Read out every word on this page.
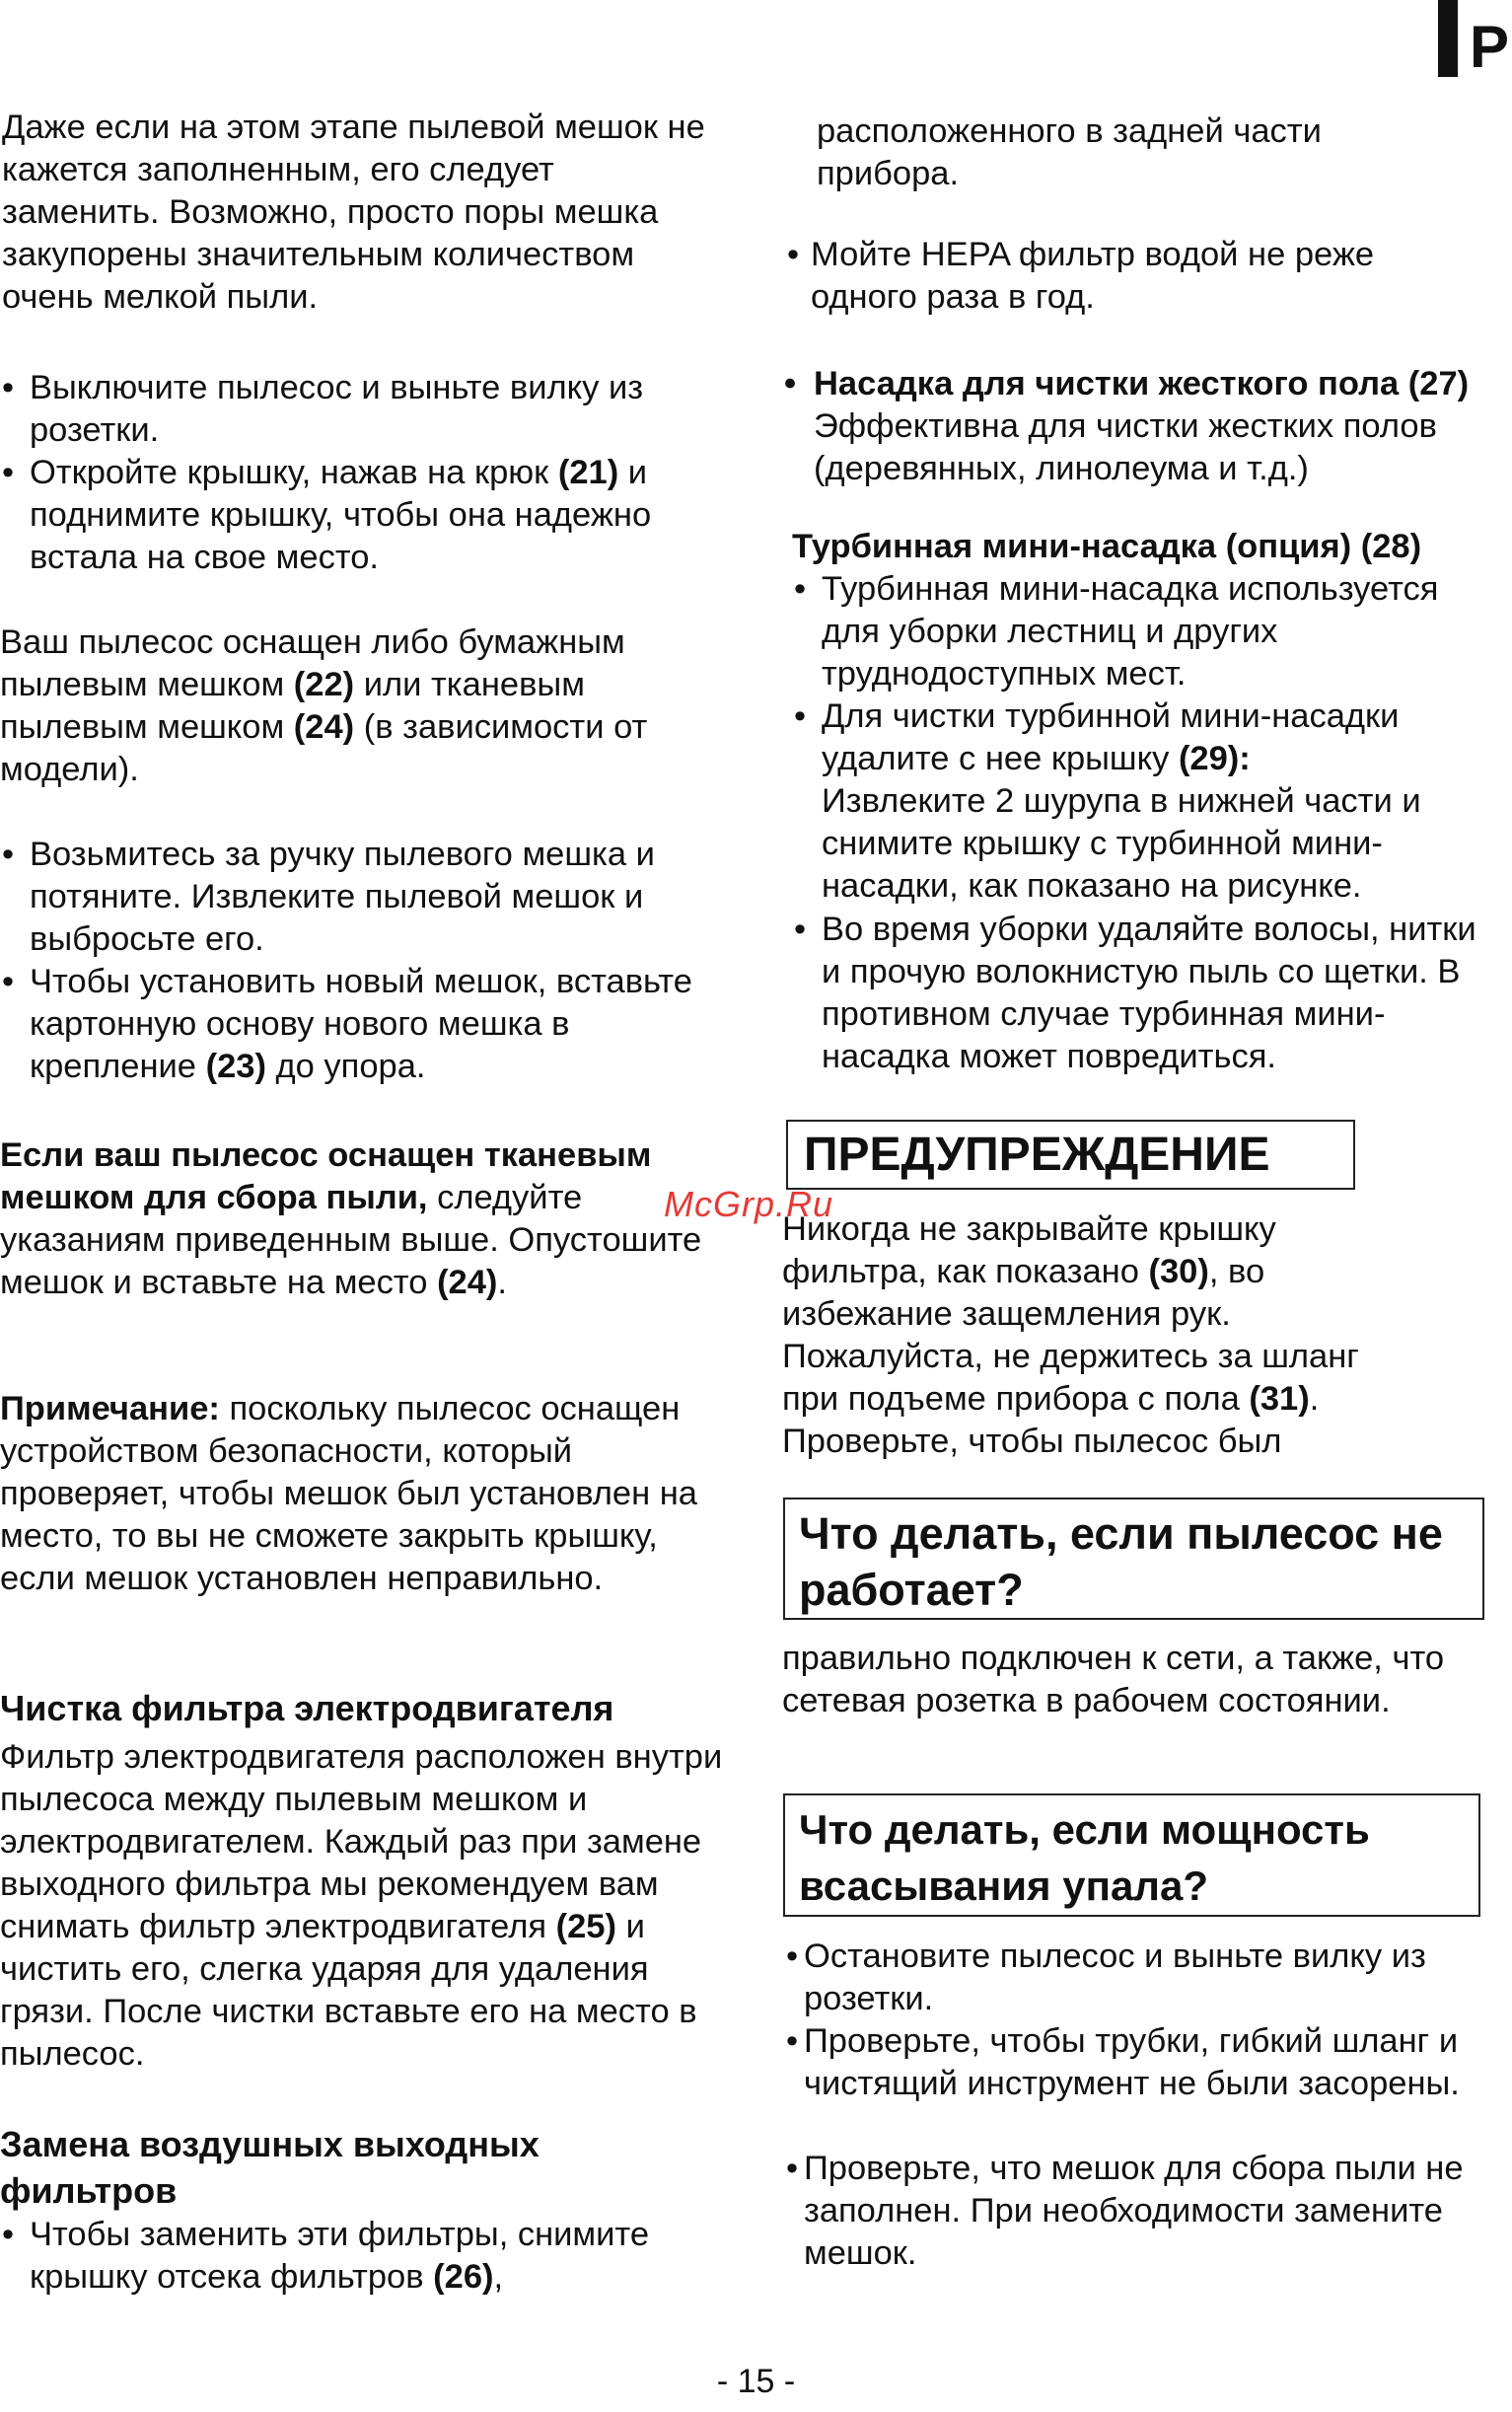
P

Даже если на этом этапе пылевой мешок не кажется заполненным, его следует заменить. Возможно, просто поры мешка закупорены значительным количеством очень мелкой пыли.

• Выключите пылесос и выньте вилку из розетки.
• Откройте крышку, нажав на крюк (21) и поднимите крышку, чтобы она надежно встала на свое место.

Ваш пылесос оснащен либо бумажным пылевым мешком (22) или тканевым пылевым мешком (24) (в зависимости от модели).

• Возьмитесь за ручку пылевого мешка и потяните. Извлеките пылевой мешок и выбросьте его.
• Чтобы установить новый мешок, вставьте картонную основу нового мешка в крепление (23) до упора.

Если ваш пылесос оснащен тканевым мешком для сбора пыли, следуйте указаниям приведенным выше. Опустошите мешок и вставьте на место (24).

Примечание: поскольку пылесос оснащен устройством безопасности, который проверяет, чтобы мешок был установлен на место, то вы не сможете закрыть крышку, если мешок установлен неправильно.

Чистка фильтра электродвигателя

Фильтр электродвигателя расположен внутри пылесоса между пылевым мешком и электродвигателем. Каждый раз при замене выходного фильтра мы рекомендуем вам снимать фильтр электродвигателя (25) и чистить его, слегка ударяя для удаления грязи. После чистки вставьте его на место в пылесос.

Замена воздушных выходных фильтров

• Чтобы заменить эти фильтры, снимите крышку отсека фильтров (26),

расположенного в задней части прибора.

• Мойте HEPA фильтр водой не реже одного раза в год.
• Насадка для чистки жесткого пола (27)
Эффективна для чистки жестких полов (деревянных, линолеума и т.д.)

Турбинная мини-насадка (опция) (28)

• Турбинная мини-насадка используется для уборки лестниц и других труднодоступных мест.
• Для чистки турбинной мини-насадки удалите с нее крышку (29):
Извлеките 2 шурупа в нижней части и снимите крышку с турбинной мини-насадки, как показано на рисунке.
• Во время уборки удаляйте волосы, нитки и прочую волокнистую пыль со щетки. В противном случае турбинная мини-насадка может повредиться.
ПРЕДУПРЕЖДЕНИЕ

Никогда не закрывайте крышку фильтра, как показано (30), во избежание защемления рук. Пожалуйста, не держитесь за шланг при подъеме прибора с пола (31). Проверьте, чтобы пылесос был

Что делать, если пылесос не работает?

правильно подключен к сети, а также, что сетевая розетка в рабочем состоянии.

Что делать, если мощность всасывания упала?
• Остановите пылесос и выньте вилку из розетки.
• Проверьте, чтобы трубки, гибкий шланг и чистящий инструмент не были засорены.
• Проверьте, что мешок для сбора пыли не заполнен. При необходимости замените мешок.
McGrp.Ru
- 15 -
